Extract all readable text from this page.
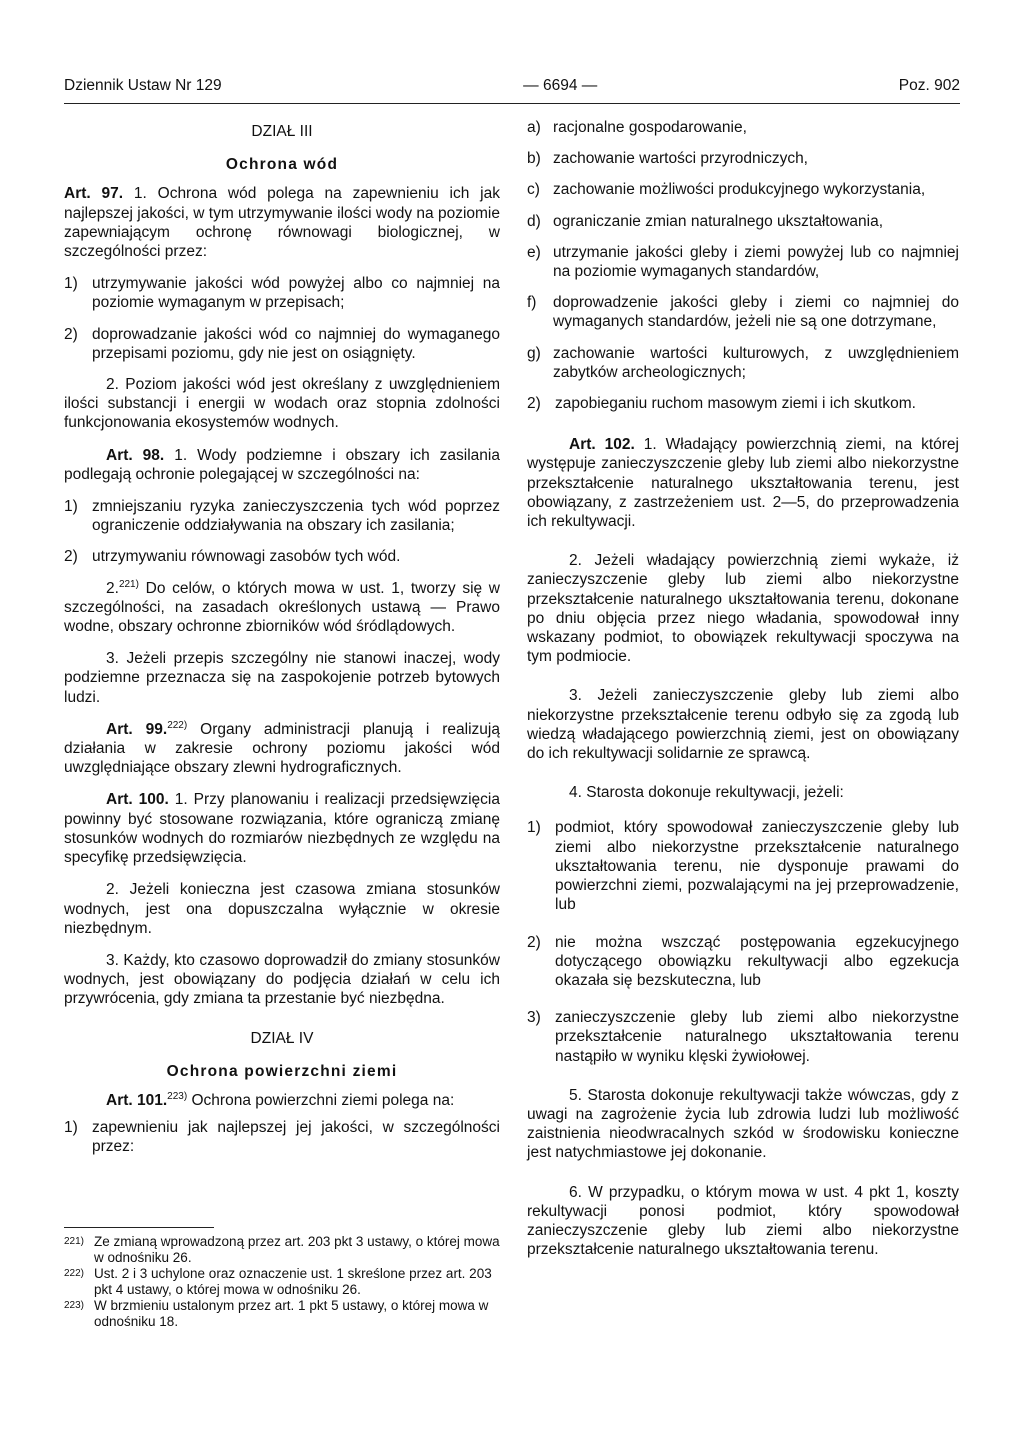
Dziennik Ustaw Nr 129	— 6694 —	Poz. 902
DZIAŁ III
Ochrona wód

Art. 97. 1. Ochrona wód polega na zapewnieniu ich jak najlepszej jakości, w tym utrzymywanie ilości wody na poziomie zapewniającym ochronę równowagi biologicznej, w szczególności przez:

1) utrzymywanie jakości wód powyżej albo co najmniej na poziomie wymaganym w przepisach;
2) doprowadzanie jakości wód co najmniej do wymaganego przepisami poziomu, gdy nie jest on osiągnięty.

2. Poziom jakości wód jest określany z uwzględnieniem ilości substancji i energii w wodach oraz stopnia zdolności funkcjonowania ekosystemów wodnych.

Art. 98. 1. Wody podziemne i obszary ich zasilania podlegają ochronie polegającej w szczególności na:

1) zmniejszaniu ryzyka zanieczyszczenia tych wód poprzez ograniczenie oddziaływania na obszary ich zasilania;
2) utrzymywaniu równowagi zasobów tych wód.

2.$^{221)}$ Do celów, o których mowa w ust. 1, tworzy się w szczególności, na zasadach określonych ustawą — Prawo wodne, obszary ochronne zbiorników wód śródlądowych.

3. Jeżeli przepis szczególny nie stanowi inaczej, wody podziemne przeznacza się na zaspokojenie potrzeb bytowych ludzi.

Art. 99.$^{222)}$ Organy administracji planują i realizują działania w zakresie ochrony poziomu jakości wód uwzględniające obszary zlewni hydrograficznych.

Art. 100. 1. Przy planowaniu i realizacji przedsięwzięcia powinny być stosowane rozwiązania, które ograniczą zmianę stosunków wodnych do rozmiarów niezbędnych ze względu na specyfikę przedsięwzięcia.

2. Jeżeli konieczna jest czasowa zmiana stosunków wodnych, jest ona dopuszczalna wyłącznie w okresie niezbędnym.

3. Każdy, kto czasowo doprowadził do zmiany stosunków wodnych, jest obowiązany do podjęcia działań w celu ich przywrócenia, gdy zmiana ta przestanie być niezbędna.

DZIAŁ IV
Ochrona powierzchni ziemi

Art. 101.$^{223)}$ Ochrona powierzchni ziemi polega na:

1) zapewnieniu jak najlepszej jej jakości, w szczególności przez:
221) Ze zmianą wprowadzoną przez art. 203 pkt 3 ustawy, o której mowa w odnośniku 26.
222) Ust. 2 i 3 uchylone oraz oznaczenie ust. 1 skreślone przez art. 203 pkt 4 ustawy, o której mowa w odnośniku 26.
223) W brzmieniu ustalonym przez art. 1 pkt 5 ustawy, o której mowa w odnośniku 18.
a) racjonalne gospodarowanie,
b) zachowanie wartości przyrodniczych,
c) zachowanie możliwości produkcyjnego wykorzystania,
d) ograniczanie zmian naturalnego ukształtowania,
e) utrzymanie jakości gleby i ziemi powyżej lub co najmniej na poziomie wymaganych standardów,
f)	doprowadzenie jakości gleby i ziemi co najmniej do wymaganych standardów, jeżeli nie są one dotrzymane,
g) zachowanie wartości kulturowych, z uwzględnieniem zabytków archeologicznych;
2) zapobieganiu ruchom masowym ziemi i ich skutkom.

Art. 102. 1. Władający powierzchnią ziemi, na której występuje zanieczyszczenie gleby lub ziemi albo niekorzystne przekształcenie naturalnego ukształtowania terenu, jest obowiązany, z zastrzeżeniem ust. 2—5, do przeprowadzenia ich rekultywacji.

2. Jeżeli władający powierzchnią ziemi wykaże, iż zanieczyszczenie gleby lub ziemi albo niekorzystne przekształcenie naturalnego ukształtowania terenu, dokonane po dniu objęcia przez niego władania, spowodował inny wskazany podmiot, to obowiązek rekultywacji spoczywa na tym podmiocie.

3. Jeżeli zanieczyszczenie gleby lub ziemi albo niekorzystne przekształcenie terenu odbyło się za zgodą lub wiedzą władającego powierzchnią ziemi, jest on obowiązany do ich rekultywacji solidarnie ze sprawcą.

4. Starosta dokonuje rekultywacji, jeżeli:

1) podmiot, który spowodował zanieczyszczenie gleby lub ziemi albo niekorzystne przekształcenie naturalnego ukształtowania terenu, nie dysponuje prawami do powierzchni ziemi, pozwalającymi na jej przeprowadzenie, lub
2) nie można wszcząć postępowania egzekucyjnego dotyczącego obowiązku rekultywacji albo egzekucja okazała się bezskuteczna, lub
3) zanieczyszczenie gleby lub ziemi albo niekorzystne przekształcenie naturalnego ukształtowania terenu nastąpiło w wyniku klęski żywiołowej.

5. Starosta dokonuje rekultywacji także wówczas, gdy z uwagi na zagrożenie życia lub zdrowia ludzi lub możliwość zaistnienia nieodwracalnych szkód w środowisku konieczne jest natychmiastowe jej dokonanie.

6. W przypadku, o którym mowa w ust. 4 pkt 1, koszty rekultywacji ponosi podmiot, który spowodował zanieczyszczenie gleby lub ziemi albo niekorzystne przekształcenie naturalnego ukształtowania terenu.
